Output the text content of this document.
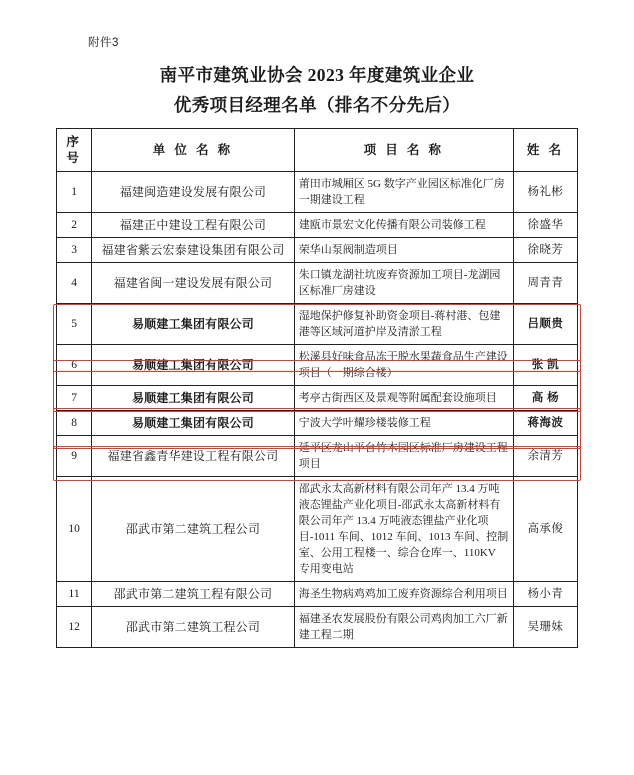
附件3
南平市建筑业协会 2023 年度建筑业企业
优秀项目经理名单（排名不分先后）
序号	单 位 名 称	项 目 名 称	姓 名
1	福建闽造建设发展有限公司	莆田市城厢区 5G 数字产业园区标准化厂房一期建设工程	杨礼彬
2	福建正中建设工程有限公司	建瓯市景宏文化传播有限公司装修工程	徐盛华
3	福建省紫云宏泰建设集团有限公司	荣华山泵阀制造项目	徐晓芳
4	福建省闽一建设发展有限公司	朱口镇龙湖社坑废弃资源加工项目-龙湖园区标准厂房建设	周青青
5	易顺建工集团有限公司	湿地保护修复补助资金项目-蒋村港、包建港等区域河道护岸及清淤工程	吕顺贵
6	易顺建工集团有限公司	松溪县好味食品冻干脱水果蔬食品生产建设项目（一期综合楼）	张 凯
7	易顺建工集团有限公司	考亭古街西区及景观等附属配套设施项目	高 杨
8	易顺建工集团有限公司	宁波大学叶耀珍楼装修工程	蒋海波
9	福建省鑫青华建设工程有限公司	延平区龙山平台竹木园区标准厂房建设工程项目	余清芳
10	邵武市第二建筑工程公司	邵武永太高新材料有限公司年产 13.4 万吨液态锂盐产业化项目-邵武永太高新材料有限公司年产 13.4 万吨液态锂盐产业化项目-1011 车间、1012 车间、1013 车间、控制室、公用工程楼一、综合仓库一、110KV 专用变电站	高承俊
11	邵武市第二建筑工程有限公司	海圣生物病鸡鸡加工废弃资源综合利用项目	杨小青
12	邵武市第二建筑工程公司	福建圣农发展股份有限公司鸡肉加工六厂新建工程二期	吴珊妹
